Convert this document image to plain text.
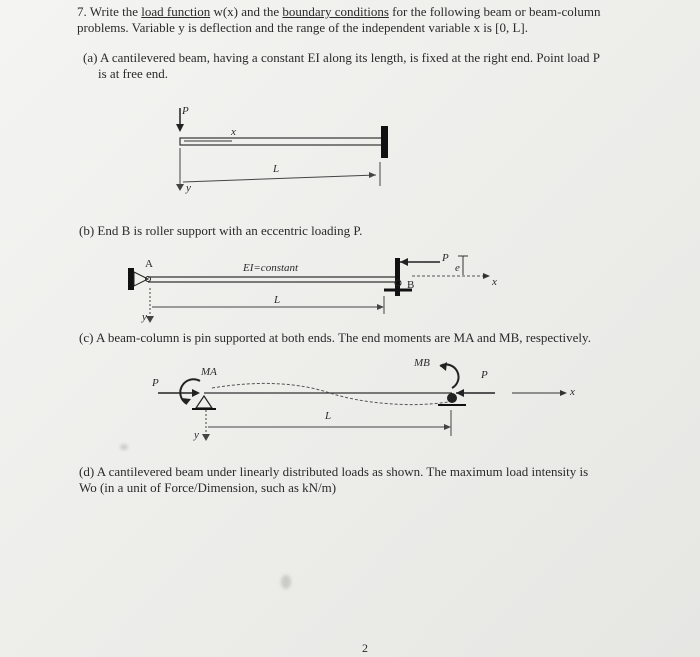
7. Write the load function w(x) and the boundary conditions for the following beam or beam-column
problems. Variable y is deflection and the range of the independent variable x is [0, L].
(a) A cantilevered beam, having a constant EI along its length, is fixed at the right end. Point load P
is at free end.
P
x
L
y
(b) End B is roller support with an eccentric loading P.
A	EI=constant
P
e
B	x
L
y
(c) A beam-column is pin supported at both ends. The end moments are MA and MB, respectively.
P
MA
MB
P
L
x
y
(d) A cantilevered beam under linearly distributed loads as shown. The maximum load intensity is
Wo (in a unit of Force/Dimension, such as kN/m)
2
